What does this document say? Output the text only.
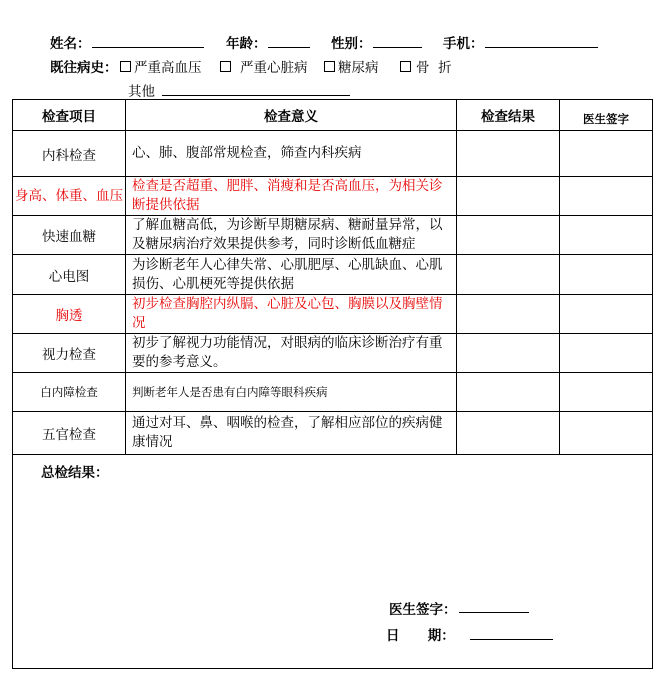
姓名：	年龄：	性别：	手机：
既往病史：	严重高血压	严重心脏病	糖尿病	骨  折
其他
检查项目	检查意义	检查结果	医生签字
内科检查	心、肺、腹部常规检查，筛查内科疾病		
身高、体重、血压	检查是否超重、肥胖、消瘦和是否高血压，为相关诊断提供依据		
快速血糖	了解血糖高低，为诊断早期糖尿病、糖耐量异常，以及糖尿病治疗效果提供参考，同时诊断低血糖症		
心电图	为诊断老年人心律失常、心肌肥厚、心肌缺血、心肌损伤、心肌梗死等提供依据		
胸透	初步检查胸腔内纵膈、心脏及心包、胸膜以及胸壁情况		
视力检查	初步了解视力功能情况，对眼病的临床诊断治疗有重要的参考意义。		
白内障检查	判断老年人是否患有白内障等眼科疾病		
五官检查	通过对耳、鼻、咽喉的检查，了解相应部位的疾病健康情况		

总检结果：
医生签字：
日      期：			
